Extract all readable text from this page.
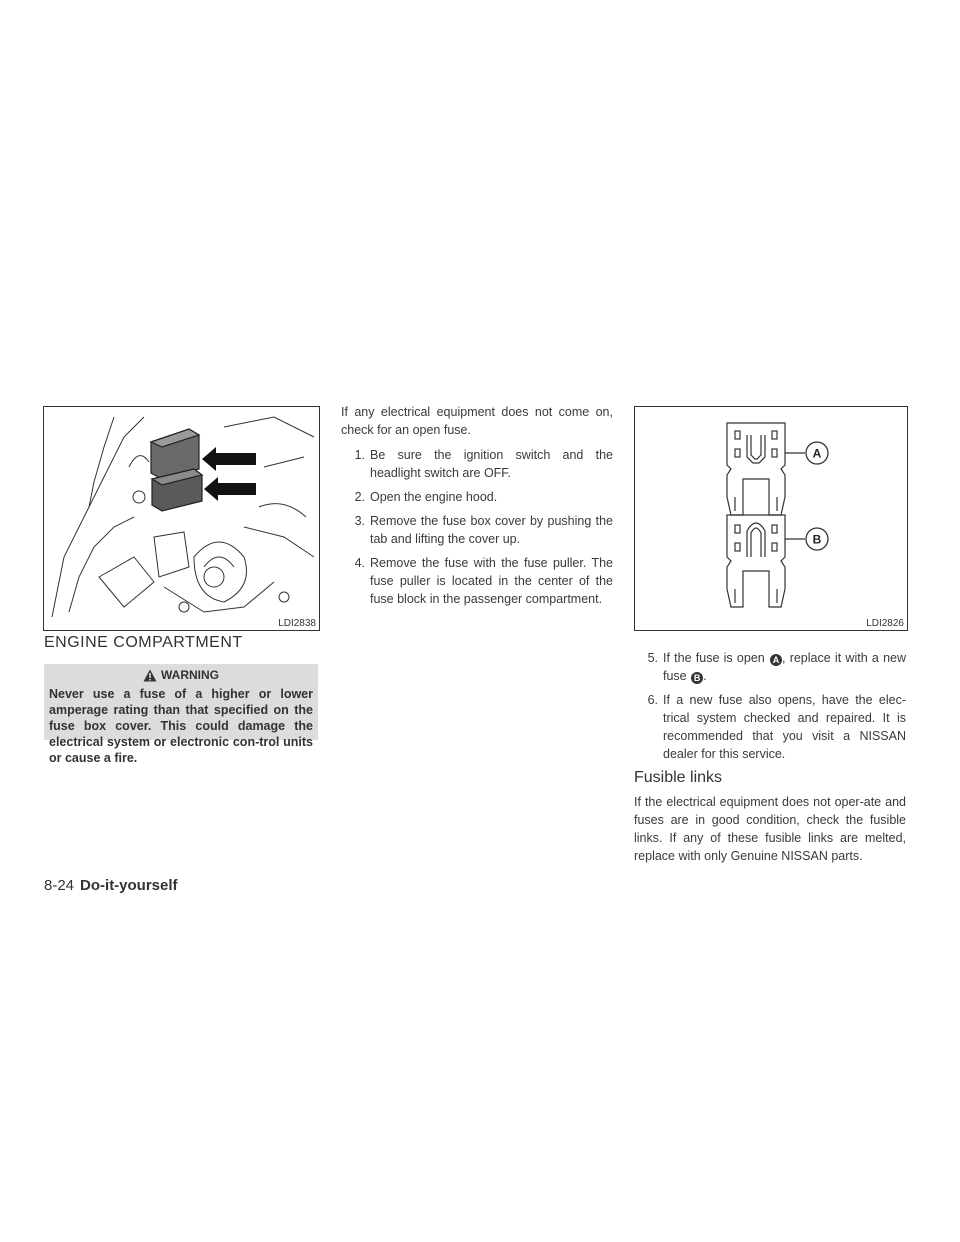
LDI2838
A
B
LDI2826
ENGINE COMPARTMENT
WARNING
Never use a fuse of a higher or lower amperage rating than that specified on the fuse box cover. This could damage the electrical system or electronic con-trol units or cause a fire.

If any electrical equipment does not come on, check for an open fuse.

1. Be sure the ignition switch and the headlight switch are OFF.
2. Open the engine hood.
3. Remove the fuse box cover by pushing the tab and lifting the cover up.
4. Remove the fuse with the fuse puller. The fuse puller is located in the center of the fuse block in the passenger compartment.
5. If the fuse is open A , replace it with a new fuse B .
6. If a new fuse also opens, have the elec-trical system checked and repaired. It is recommended that you visit a NISSAN dealer for this service.
Fusible links

If the electrical equipment does not oper-ate and fuses are in good condition, check the fusible links. If any of these fusible links are melted, replace with only Genuine NISSAN parts.

8-24 Do-it-yourself
